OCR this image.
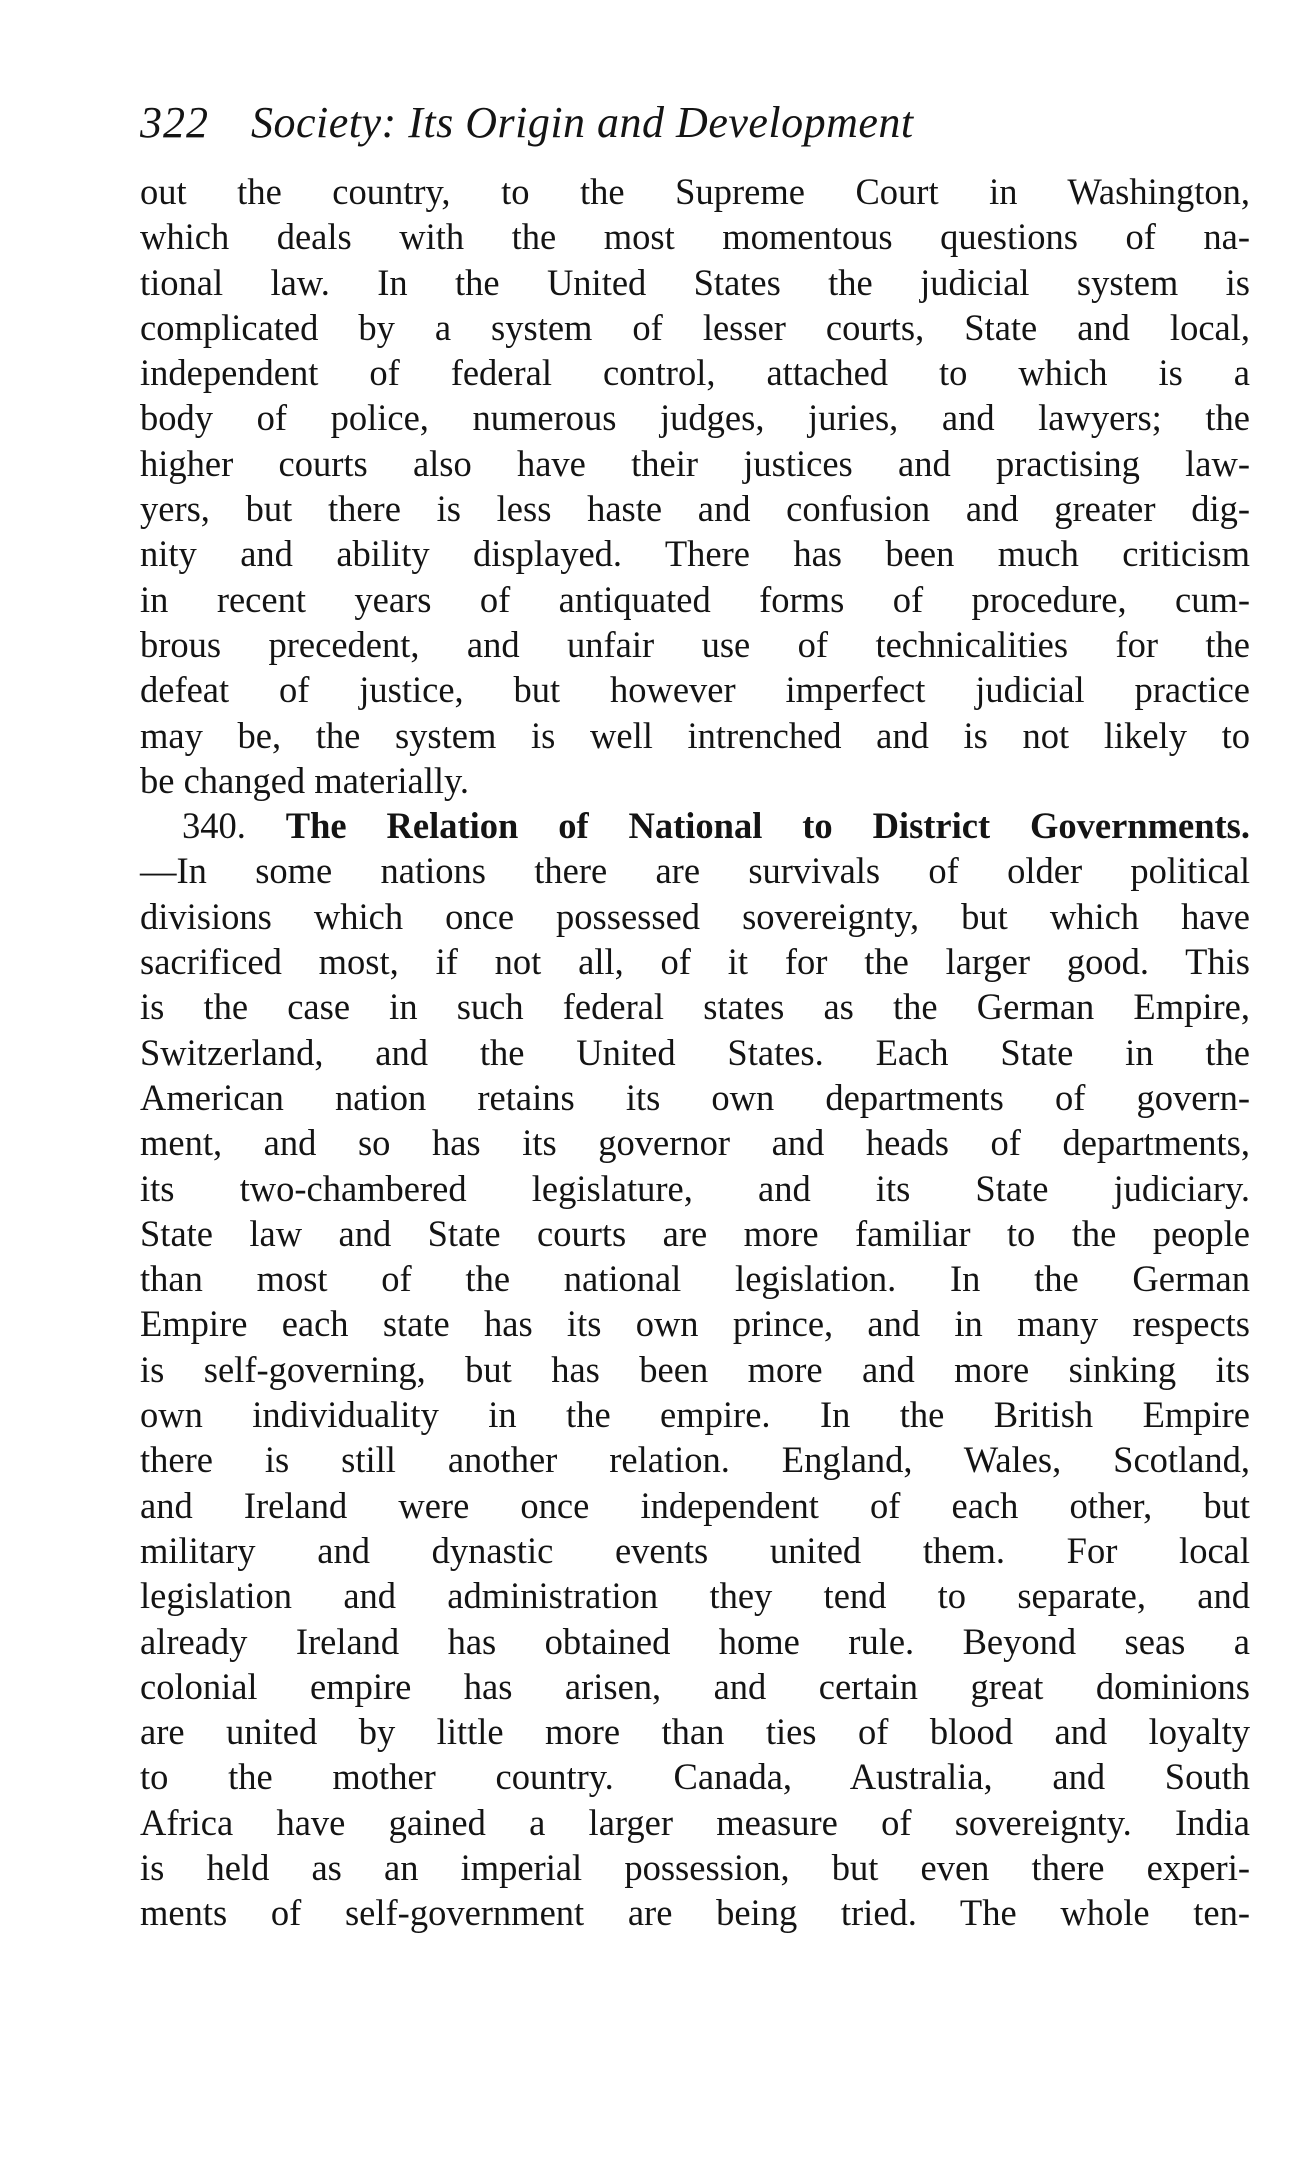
322 Society: Its Origin and Development
out the country, to the Supreme Court in Washington,
which deals with the most momentous questions of na-
tional law. In the United States the judicial system is
complicated by a system of lesser courts, State and local,
independent of federal control, attached to which is a
body of police, numerous judges, juries, and lawyers; the
higher courts also have their justices and practising law-
yers, but there is less haste and confusion and greater dig-
nity and ability displayed. There has been much criticism
in recent years of antiquated forms of procedure, cum-
brous precedent, and unfair use of technicalities for the
defeat of justice, but however imperfect judicial practice
may be, the system is well intrenched and is not likely to
be changed materially.
340. The Relation of National to District Governments.
—In some nations there are survivals of older political
divisions which once possessed sovereignty, but which have
sacrificed most, if not all, of it for the larger good. This
is the case in such federal states as the German Empire,
Switzerland, and the United States. Each State in the
American nation retains its own departments of govern-
ment, and so has its governor and heads of departments,
its two-chambered legislature, and its State judiciary.
State law and State courts are more familiar to the people
than most of the national legislation. In the German
Empire each state has its own prince, and in many respects
is self-governing, but has been more and more sinking its
own individuality in the empire. In the British Empire
there is still another relation. England, Wales, Scotland,
and Ireland were once independent of each other, but
military and dynastic events united them. For local
legislation and administration they tend to separate, and
already Ireland has obtained home rule. Beyond seas a
colonial empire has arisen, and certain great dominions
are united by little more than ties of blood and loyalty
to the mother country. Canada, Australia, and South
Africa have gained a larger measure of sovereignty. India
is held as an imperial possession, but even there experi-
ments of self-government are being tried. The whole ten-
